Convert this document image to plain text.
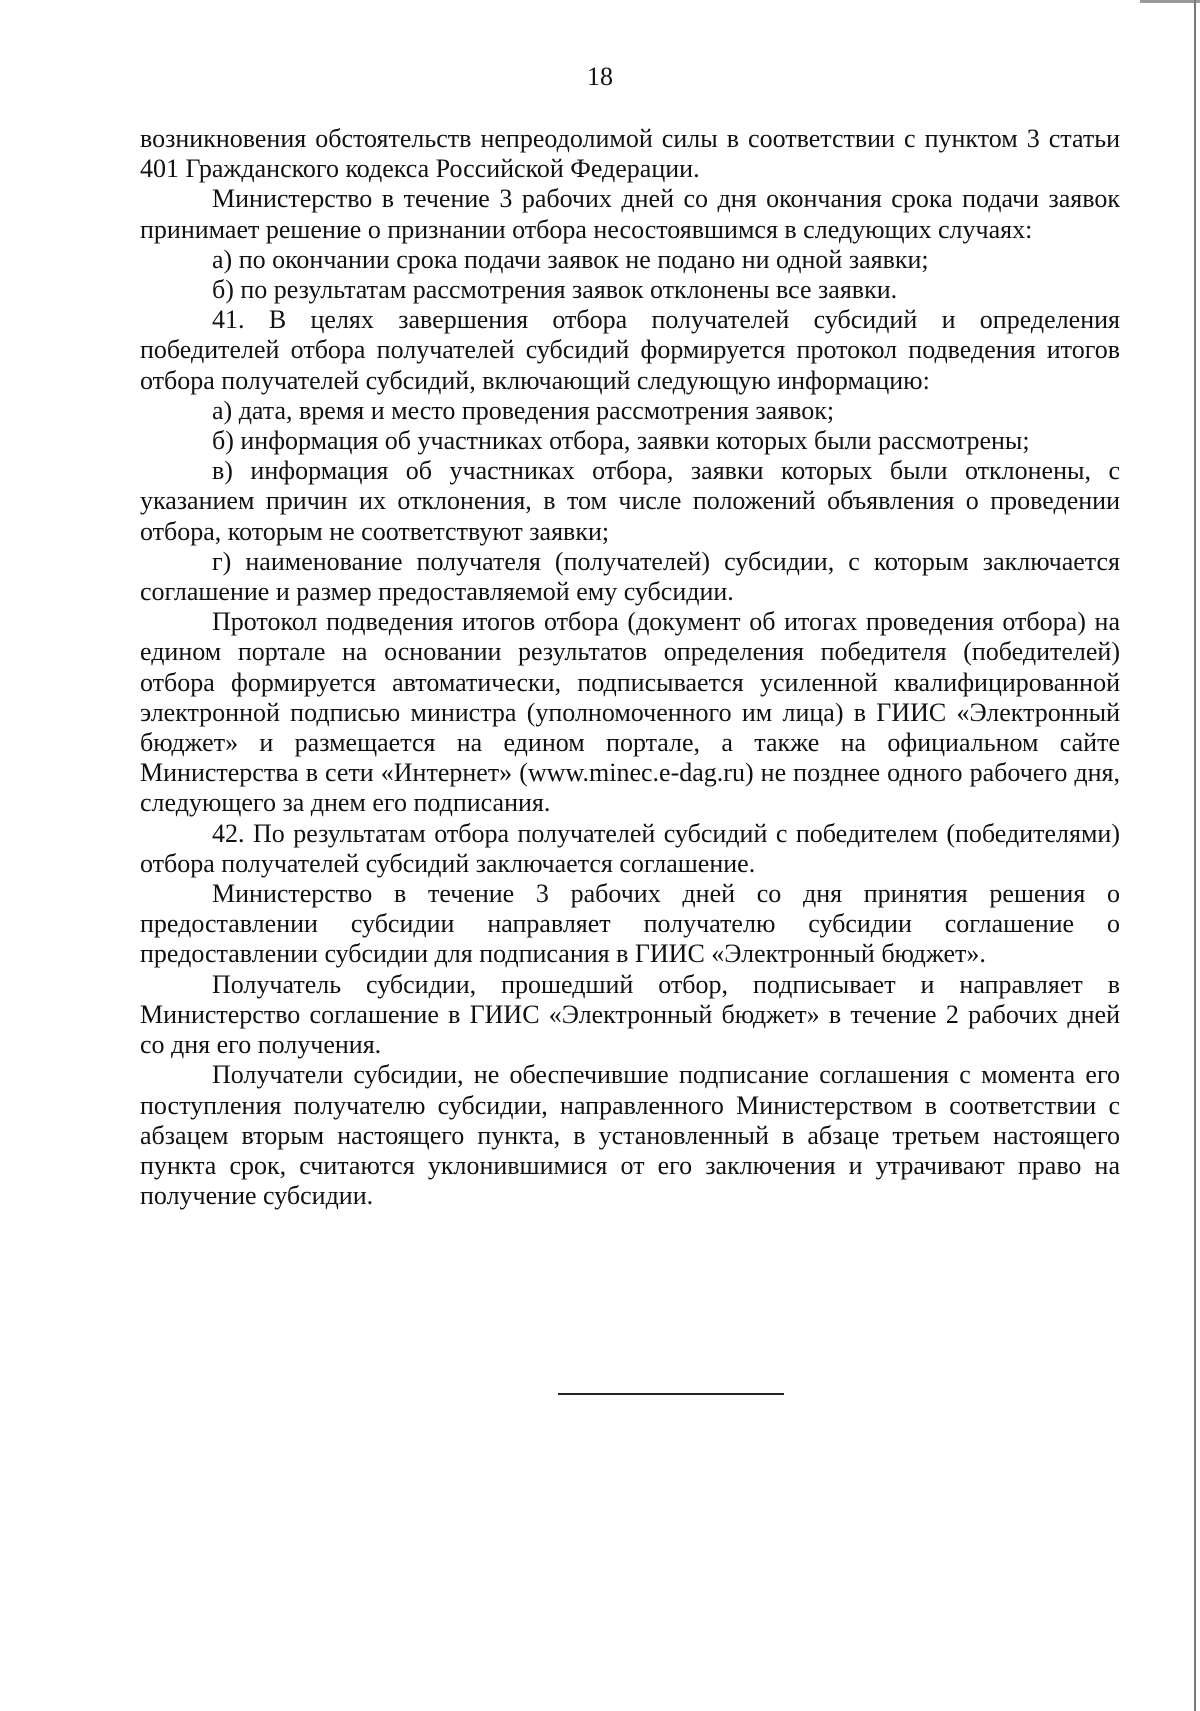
18

возникновения обстоятельств непреодолимой силы в соответствии с пунктом 3 статьи 401 Гражданского кодекса Российской Федерации.

Министерство в течение 3 рабочих дней со дня окончания срока подачи заявок принимает решение о признании отбора несостоявшимся в следующих случаях:

а) по окончании срока подачи заявок не подано ни одной заявки;

б) по результатам рассмотрения заявок отклонены все заявки.

41. В целях завершения отбора получателей субсидий и определения победителей отбора получателей субсидий формируется протокол подведения итогов отбора получателей субсидий, включающий следующую информацию:

а) дата, время и место проведения рассмотрения заявок;

б) информация об участниках отбора, заявки которых были рассмотрены;

в) информация об участниках отбора, заявки которых были отклонены, с указанием причин их отклонения, в том числе положений объявления о проведении отбора, которым не соответствуют заявки;

г) наименование получателя (получателей) субсидии, с которым заключается соглашение и размер предоставляемой ему субсидии.

Протокол подведения итогов отбора (документ об итогах проведения отбора) на едином портале на основании результатов определения победителя (победителей) отбора формируется автоматически, подписывается усиленной квалифицированной электронной подписью министра (уполномоченного им лица) в ГИИС «Электронный бюджет» и размещается на едином портале, а также на официальном сайте Министерства в сети «Интернет» (www.minec.e-dag.ru) не позднее одного рабочего дня, следующего за днем его подписания.

42. По результатам отбора получателей субсидий с победителем (победителями) отбора получателей субсидий заключается соглашение.

Министерство в течение 3 рабочих дней со дня принятия решения о предоставлении субсидии направляет получателю субсидии соглашение о предоставлении субсидии для подписания в ГИИС «Электронный бюджет».

Получатель субсидии, прошедший отбор, подписывает и направляет в Министерство соглашение в ГИИС «Электронный бюджет» в течение 2 рабочих дней со дня его получения.

Получатели субсидии, не обеспечившие подписание соглашения с момента его поступления получателю субсидии, направленного Министерством в соответствии с абзацем вторым настоящего пункта, в установленный в абзаце третьем настоящего пункта срок, считаются уклонившимися от его заключения и утрачивают право на получение субсидии.
